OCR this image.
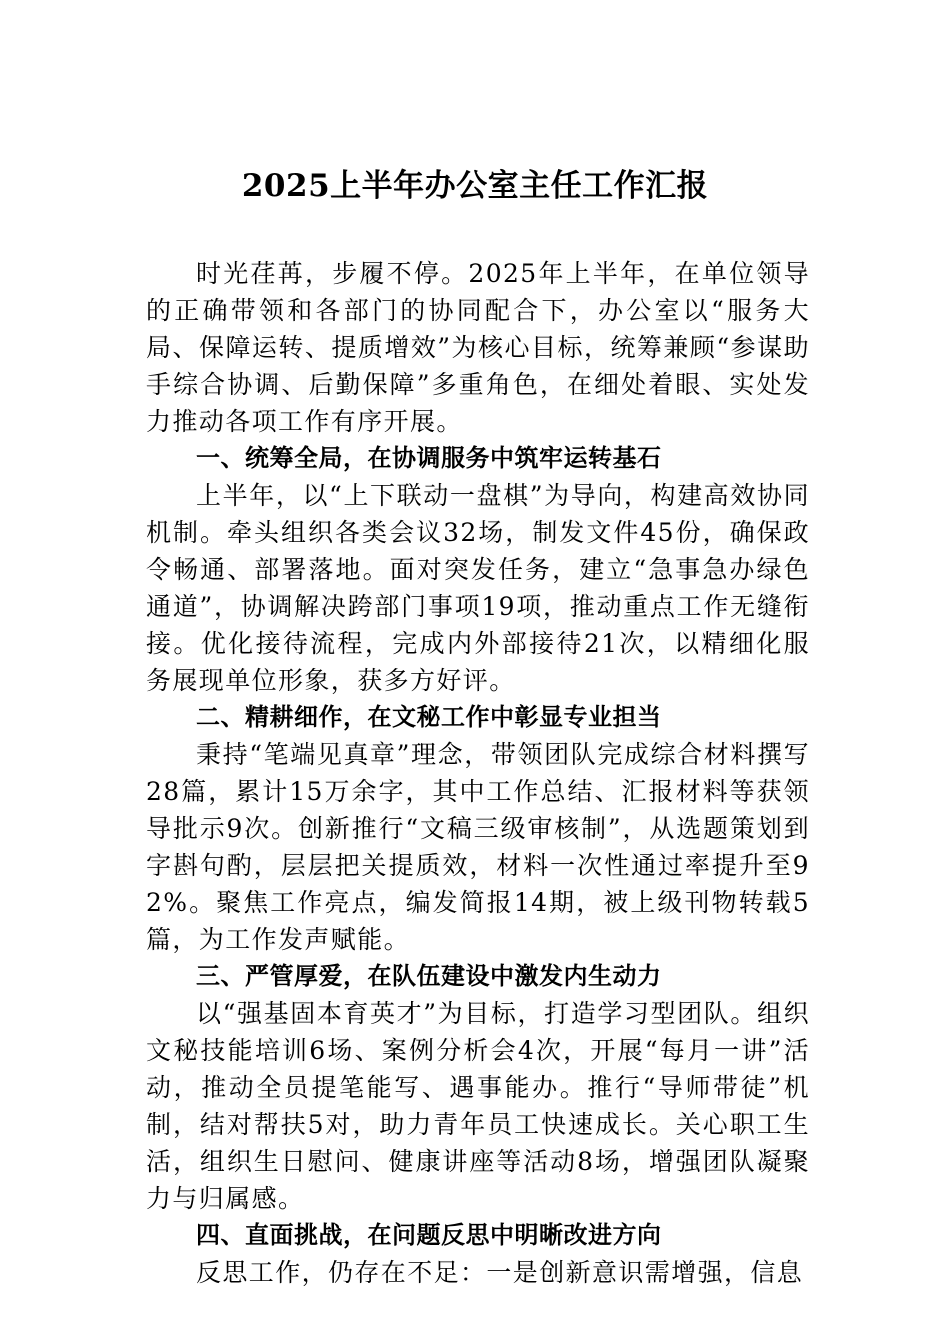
2025上半年办公室主任工作汇报

时光荏苒，步履不停。2025年上半年，在单位领导的正确带领和各部门的协同配合下，办公室以“服务大局、保障运转、提质增效”为核心目标，统筹兼顾“参谋助手综合协调、后勤保障”多重角色，在细处着眼、实处发力推动各项工作有序开展。

一、统筹全局，在协调服务中筑牢运转基石

上半年，以“上下联动一盘棋”为导向，构建高效协同机制。牵头组织各类会议32场，制发文件45份，确保政令畅通、部署落地。面对突发任务，建立“急事急办绿色通道”，协调解决跨部门事项19项，推动重点工作无缝衔接。优化接待流程，完成内外部接待21次，以精细化服务展现单位形象，获多方好评。

二、精耕细作，在文秘工作中彰显专业担当

秉持“笔端见真章”理念，带领团队完成综合材料撰写28篇，累计15万余字，其中工作总结、汇报材料等获领导批示9次。创新推行“文稿三级审核制”，从选题策划到字斟句酌，层层把关提质效，材料一次性通过率提升至92%。聚焦工作亮点，编发简报14期，被上级刊物转载5篇，为工作发声赋能。

三、严管厚爱，在队伍建设中激发内生动力

以“强基固本育英才”为目标，打造学习型团队。组织文秘技能培训6场、案例分析会4次，开展“每月一讲”活动，推动全员提笔能写、遇事能办。推行“导师带徒”机制，结对帮扶5对，助力青年员工快速成长。关心职工生活，组织生日慰问、健康讲座等活动8场，增强团队凝聚力与归属感。

四、直面挑战，在问题反思中明晰改进方向

反思工作，仍存在不足：一是创新意识需增强，信息
